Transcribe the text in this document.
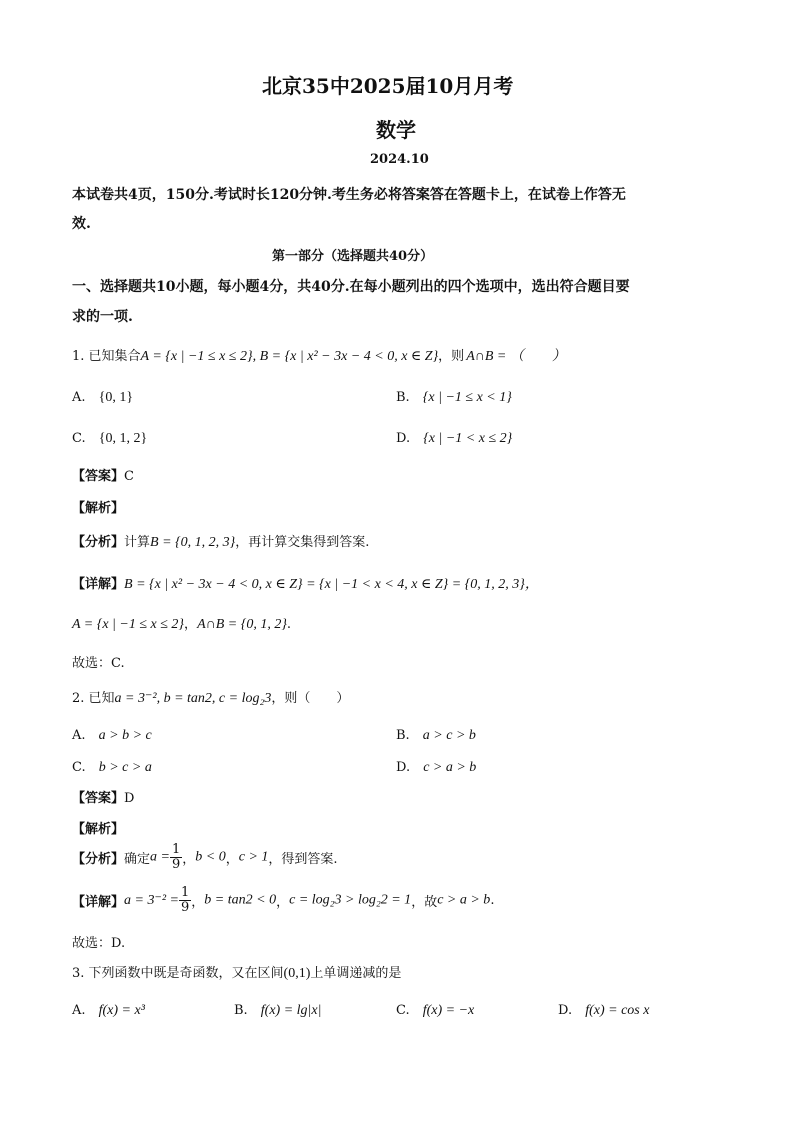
北京35中2025届10月月考
数学
2024.10
本试卷共4页，150分.考试时长120分钟.考生务必将答案答在答题卡上，在试卷上作答无
效.
第一部分（选择题共40分）
一、选择题共10小题，每小题4分，共40分.在每小题列出的四个选项中，选出符合题目要
求的一项.
1. 已知集合A = {x | −1 ≤ x ≤ 2}, B = {x | x² − 3x − 4 < 0, x ∈ Z}，则 A∩B = （　　）
A. {0, 1}	B. {x | −1 ≤ x < 1}
C. {0, 1, 2}	D. {x | −1 < x ≤ 2}
【答案】C
【解析】
【分析】计算B = {0, 1, 2, 3}，再计算交集得到答案.
【详解】B = {x | x² − 3x − 4 < 0, x ∈ Z} = {x | −1 < x < 4, x ∈ Z} = {0, 1, 2, 3}，
A = {x | −1 ≤ x ≤ 2}，A∩B = {0, 1, 2}.
故选：C.
2. 已知a = 3⁻², b = tan2, c = log₂3，则（　　）
A. a > b > c	B. a > c > b
C. b > c > a	D. c > a > b
【答案】D
【解析】
【分析】确定$a = \frac{1}{9}$ ，b < 0，c > 1，得到答案.
【详解】$a = 3^{-2} = \frac{1}{9}$ ，b = tan2 < 0，c = log₂3 > log₂2 = 1，故c > a > b.
故选：D.
3. 下列函数中既是奇函数，又在区间(0,1)上单调递减的是
A. f(x) = x³	B. f(x) = lg|x|	C. f(x) = −x	D. f(x) = cos x
